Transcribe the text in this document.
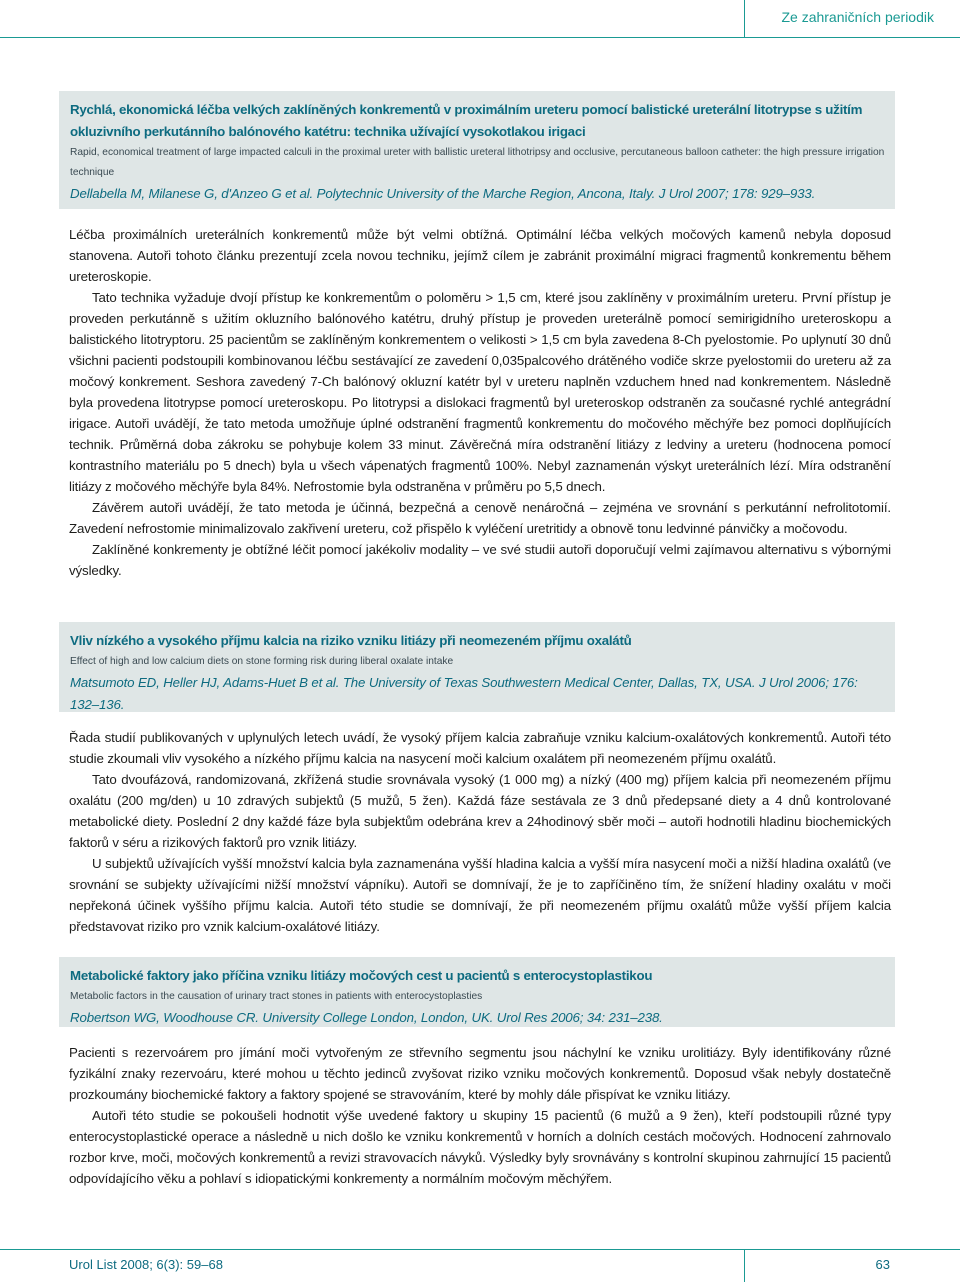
Ze zahraničních periodik

Rychlá, ekonomická léčba velkých zaklíněných konkrementů v proximálním ureteru pomocí balistické ureterální litotrypse s užitím okluzivního perkutánního balónového katétru: technika užívající vysokotlakou irigaci

Rapid, economical treatment of large impacted calculi in the proximal ureter with ballistic ureteral lithotripsy and occlusive, percutaneous balloon catheter: the high pressure irrigation technique

Dellabella M, Milanese G, d'Anzeo G et al. Polytechnic University of the Marche Region, Ancona, Italy. J Urol 2007; 178: 929–933.

Léčba proximálních ureterálních konkrementů může být velmi obtížná. Optimální léčba velkých močových kamenů nebyla doposud stanovena. Autoři tohoto článku prezentují zcela novou techniku, jejímž cílem je zabránit proximální migraci fragmentů konkrementu během ureteroskopie.

Tato technika vyžaduje dvojí přístup ke konkrementům o poloměru > 1,5 cm, které jsou zaklíněny v proximálním ureteru. První přístup je proveden perkutánně s užitím okluzního balónového katétru, druhý přístup je proveden ureterálně pomocí semirigidního ureteroskopu a balistického litotryptoru. 25 pacientům se zaklíněným konkrementem o velikosti > 1,5 cm byla zavedena 8-Ch pyelostomie. Po uplynutí 30 dnů všichni pacienti podstoupili kombinovanou léčbu sestávající ze zavedení 0,035palcového drátěného vodiče skrze pyelostomii do ureteru až za močový konkrement. Seshora zavedený 7-Ch balónový okluzní katétr byl v ureteru naplněn vzduchem hned nad konkrementem. Následně byla provedena litotrypse pomocí ureteroskopu. Po litotrypsi a dislokaci fragmentů byl ureteroskop odstraněn za současné rychlé antegrádní irigace. Autoři uvádějí, že tato metoda umožňuje úplné odstranění fragmentů konkrementu do močového měchýře bez pomoci doplňujících technik. Průměrná doba zákroku se pohybuje kolem 33 minut. Závěrečná míra odstranění litiázy z ledviny a ureteru (hodnocena pomocí kontrastního materiálu po 5 dnech) byla u všech vápenatých fragmentů 100%. Nebyl zaznamenán výskyt ureterálních lézí. Míra odstranění litiázy z močového měchýře byla 84%. Nefrostomie byla odstraněna v průměru po 5,5 dnech.

Závěrem autoři uvádějí, že tato metoda je účinná, bezpečná a cenově nenáročná – zejména ve srovnání s perkutánní nefrolitotomií. Zavedení nefrostomie minimalizovalo zakřivení ureteru, což přispělo k vyléčení uretritidy a obnově tonu ledvinné pánvičky a močovodu.

Zaklíněné konkrementy je obtížné léčit pomocí jakékoliv modality – ve své studii autoři doporučují velmi zajímavou alternativu s výbornými výsledky.

Vliv nízkého a vysokého příjmu kalcia na riziko vzniku litiázy při neomezeném příjmu oxalátů

Effect of high and low calcium diets on stone forming risk during liberal oxalate intake

Matsumoto ED, Heller HJ, Adams-Huet B et al. The University of Texas Southwestern Medical Center, Dallas, TX, USA. J Urol 2006; 176: 132–136.

Řada studií publikovaných v uplynulých letech uvádí, že vysoký příjem kalcia zabraňuje vzniku kalcium-oxalátových konkrementů. Autoři této studie zkoumali vliv vysokého a nízkého příjmu kalcia na nasycení moči kalcium oxalátem při neomezeném příjmu oxalátů.

Tato dvoufázová, randomizovaná, zkřížená studie srovnávala vysoký (1 000 mg) a nízký (400 mg) příjem kalcia při neomezeném příjmu oxalátu (200 mg/den) u 10 zdravých subjektů (5 mužů, 5 žen). Každá fáze sestávala ze 3 dnů předepsané diety a 4 dnů kontrolované metabolické diety. Poslední 2 dny každé fáze byla subjektům odebrána krev a 24hodinový sběr moči – autoři hodnotili hladinu biochemických faktorů v séru a rizikových faktorů pro vznik litiázy.

U subjektů užívajících vyšší množství kalcia byla zaznamenána vyšší hladina kalcia a vyšší míra nasycení moči a nižší hladina oxalátů (ve srovnání se subjekty užívajícími nižší množství vápníku). Autoři se domnívají, že je to zapříčiněno tím, že snížení hladiny oxalátu v moči nepřekoná účinek vyššího příjmu kalcia. Autoři této studie se domnívají, že při neomezeném příjmu oxalátů může vyšší příjem kalcia představovat riziko pro vznik kalcium-oxalátové litiázy.

Metabolické faktory jako příčina vzniku litiázy močových cest u pacientů s enterocystoplastikou

Metabolic factors in the causation of urinary tract stones in patients with enterocystoplasties

Robertson WG, Woodhouse CR. University College London, London, UK. Urol Res 2006; 34: 231–238.

Pacienti s rezervoárem pro jímání moči vytvořeným ze střevního segmentu jsou náchylní ke vzniku urolitiázy. Byly identifikovány různé fyzikální znaky rezervoáru, které mohou u těchto jedinců zvyšovat riziko vzniku močových konkrementů. Doposud však nebyly dostatečně prozkoumány biochemické faktory a faktory spojené se stravováním, které by mohly dále přispívat ke vzniku litiázy.

Autoři této studie se pokoušeli hodnotit výše uvedené faktory u skupiny 15 pacientů (6 mužů a 9 žen), kteří podstoupili různé typy enterocystoplastické operace a následně u nich došlo ke vzniku konkrementů v horních a dolních cestách močových. Hodnocení zahrnovalo rozbor krve, moči, močových konkrementů a revizi stravovacích návyků. Výsledky byly srovnávány s kontrolní skupinou zahrnující 15 pacientů odpovídajícího věku a pohlaví s idiopatickými konkrementy a normálním močovým měchýřem.

Urol List 2008; 6(3): 59–68	63
